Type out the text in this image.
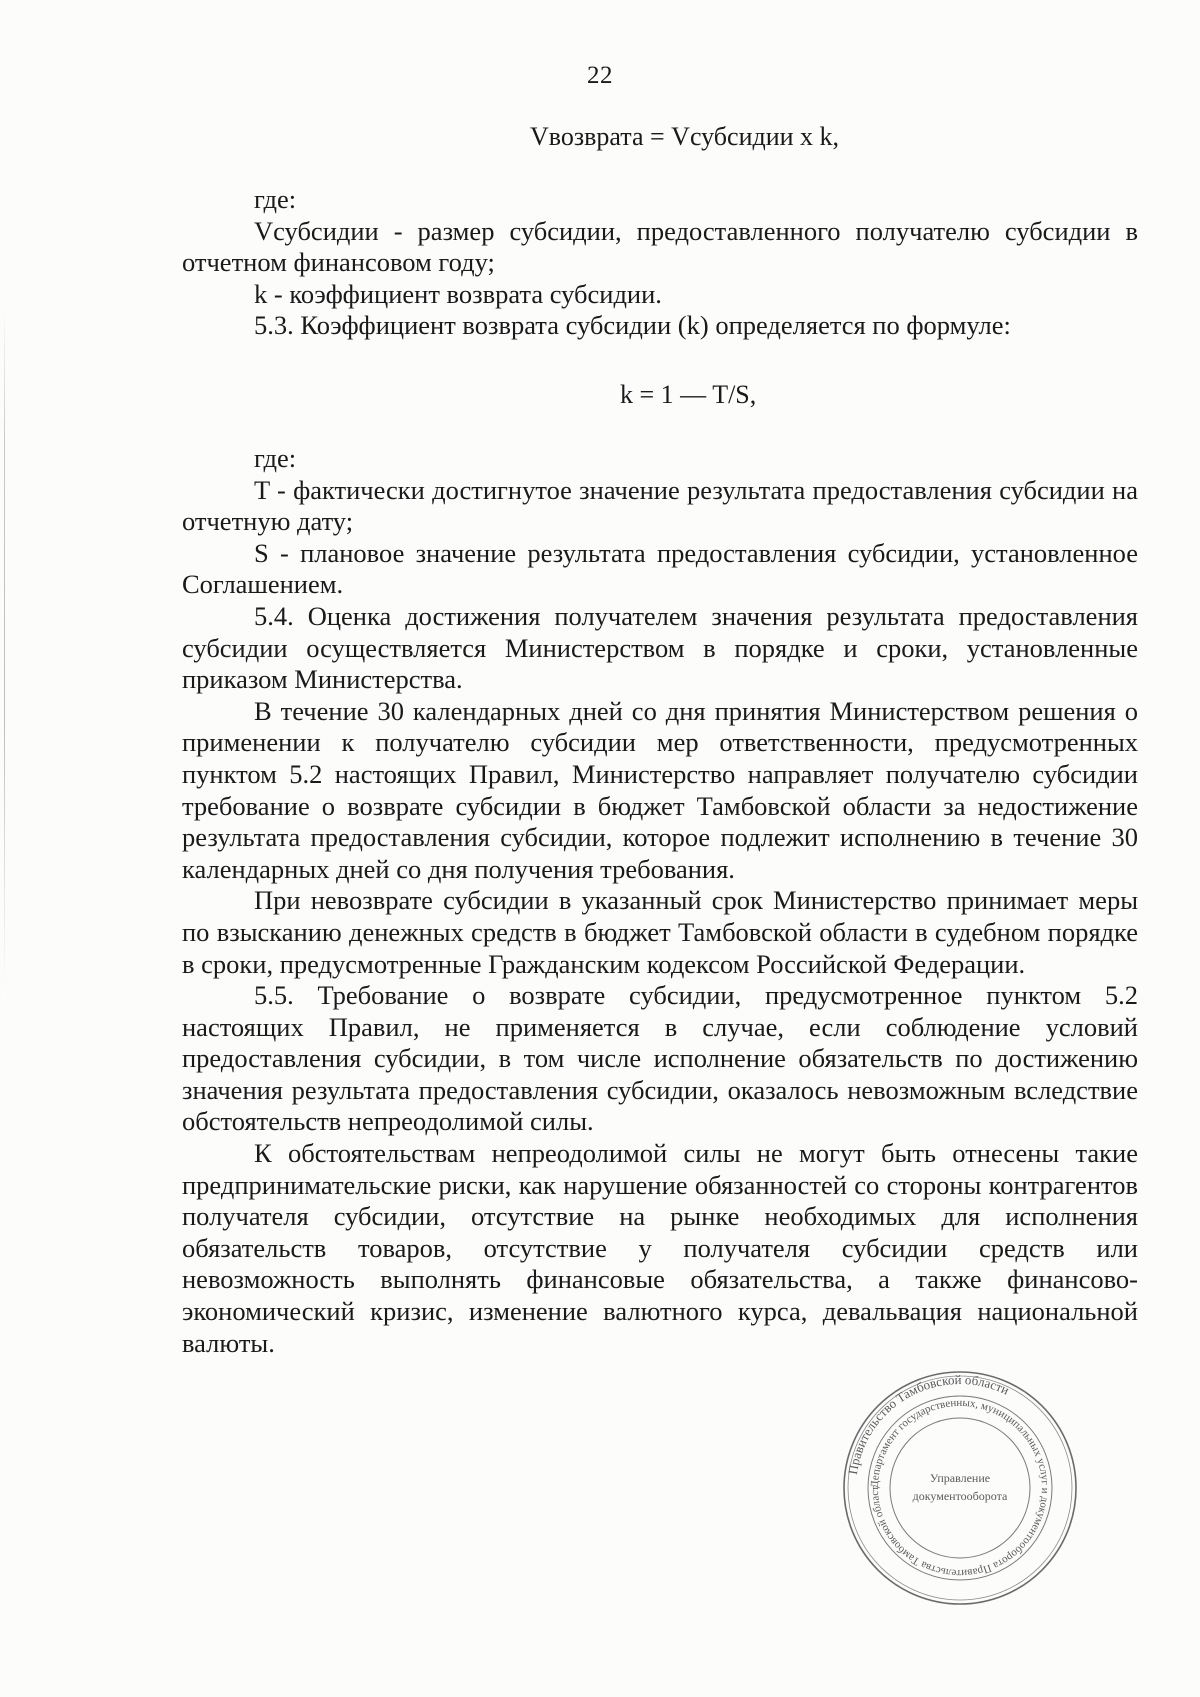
22
Vвозврата = Vсубсидии х k,

где:

Vсубсидии - размер субсидии, предоставленного получателю субсидии в отчетном финансовом году;

k - коэффициент возврата субсидии.

5.3. Коэффициент возврата субсидии (k) определяется по формуле:

k = 1 — T/S,

где:

T - фактически достигнутое значение результата предоставления субсидии на отчетную дату;

S - плановое значение результата предоставления субсидии, установленное Соглашением.

5.4. Оценка достижения получателем значения результата предоставления субсидии осуществляется Министерством в порядке и сроки, установленные приказом Министерства.

В течение 30 календарных дней со дня принятия Министерством решения о применении к получателю субсидии мер ответственности, предусмотренных пунктом 5.2 настоящих Правил, Министерство направляет получателю субсидии требование о возврате субсидии в бюджет Тамбовской области за недостижение результата предоставления субсидии, которое подлежит исполнению в течение 30 календарных дней со дня получения требования.

При невозврате субсидии в указанный срок Министерство принимает меры по взысканию денежных средств в бюджет Тамбовской области в судебном порядке в сроки, предусмотренные Гражданским кодексом Российской Федерации.

5.5. Требование о возврате субсидии, предусмотренное пунктом 5.2 настоящих Правил, не применяется в случае, если соблюдение условий предоставления субсидии, в том числе исполнение обязательств по достижению значения результата предоставления субсидии, оказалось невозможным вследствие обстоятельств непреодолимой силы.

К обстоятельствам непреодолимой силы не могут быть отнесены такие предпринимательские риски, как нарушение обязанностей со стороны контрагентов получателя субсидии, отсутствие на рынке необходимых для исполнения обязательств товаров, отсутствие у получателя субсидии средств или невозможность выполнять финансовые обязательства, а также финансово-экономический кризис, изменение валютного курса, девальвация национальной валюты.

Правительство Тамбовской области
Департамент государственных, муниципальных услуг и документооборота Правительства Тамбовской област
Управление
документооборота
